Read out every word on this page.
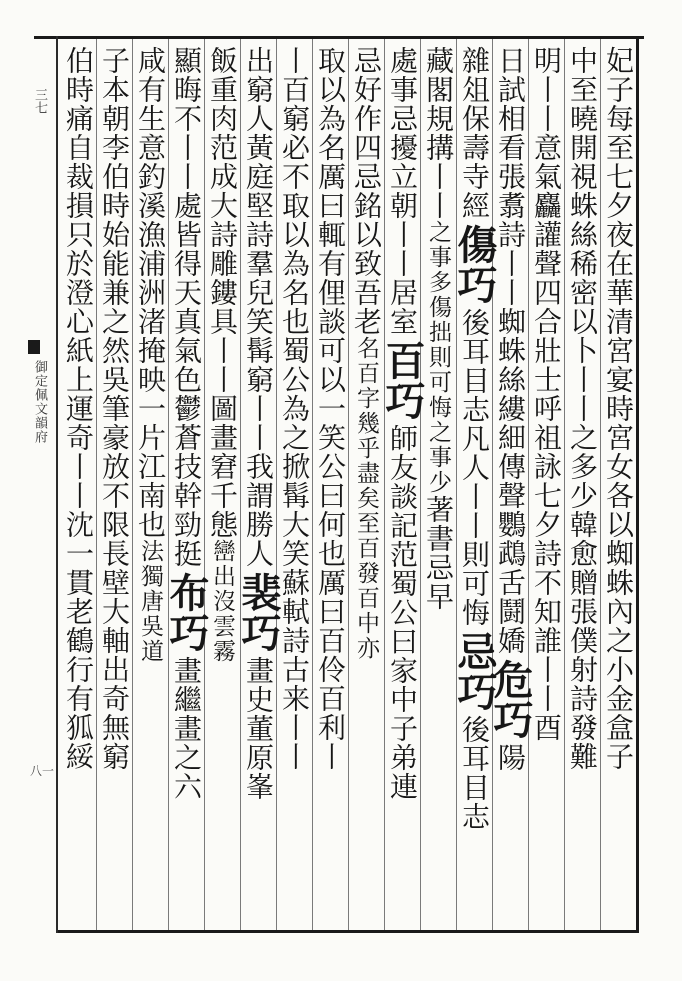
三七
御定佩文韻府
八一	妃子每至七夕夜在華清宮宴時宮女各以蜘蛛內之小金盒子
中至曉開視蛛絲稀密以卜丨丨之多少韓愈贈張僕射詩發難
明丨丨意氣麤讙聲四合壯士呼祖詠七夕詩不知誰丨丨酉
日試相看張翥詩丨丨蜘蛛絲縷細傳聲鸚鵡舌鬪嬌危巧陽
雜俎保壽寺經傷巧後耳目志凡人丨丨則可悔忌巧後耳目志
藏閣規搆丨丨之事多傷拙則可悔之事少著書忌早
處事忌擾立朝丨丨居室百巧師友談記范蜀公曰家中子弟連
忌好作四忌銘以致吾老名百字幾乎盡矣至百發百中亦
取以為名厲曰輒有俚談可以一笑公曰何也厲曰百伶百利丨
丨百窮必不取以為名也蜀公為之掀髯大笑蘇軾詩古来丨丨
出窮人黃庭堅詩羣兒笑髯窮丨丨我謂勝人裴巧畫史董原峯
飯重肉范成大詩雕鏤具丨丨圖畫窘千態巒出沒雲霧
顯晦不丨丨處皆得天真氣色鬱蒼技幹勁挺布巧畫繼畫之六
咸有生意釣溪漁浦洲渚掩映一片江南也法獨唐吳道
子本朝李伯時始能兼之然吳筆豪放不限長壁大軸出奇無窮
伯時痛自裁損只於澄心紙上運奇丨丨沈一貫老鶴行有狐綏
